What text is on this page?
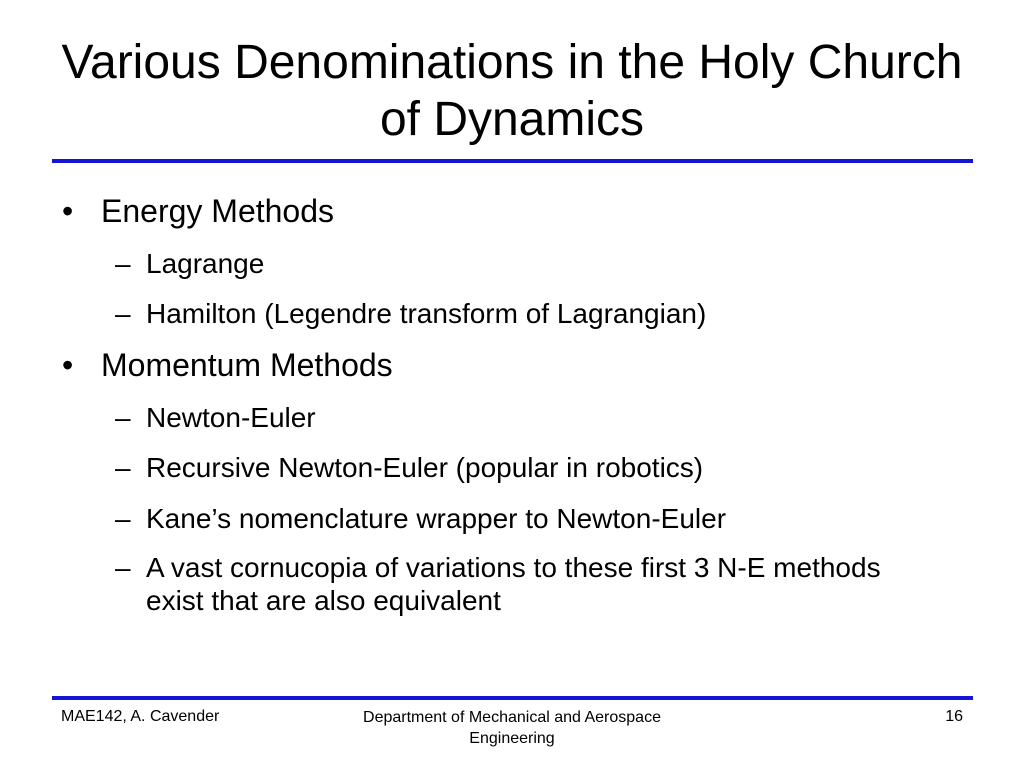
Various Denominations in the Holy Church of Dynamics
• Energy Methods
– Lagrange
– Hamilton (Legendre transform of Lagrangian)
• Momentum Methods
– Newton-Euler
– Recursive Newton-Euler (popular in robotics)
– Kane’s nomenclature wrapper to Newton-Euler
– A vast cornucopia of variations to these first 3 N-E methods exist that are also equivalent
MAE142, A. Cavender	Department of Mechanical and Aerospace Engineering
16
